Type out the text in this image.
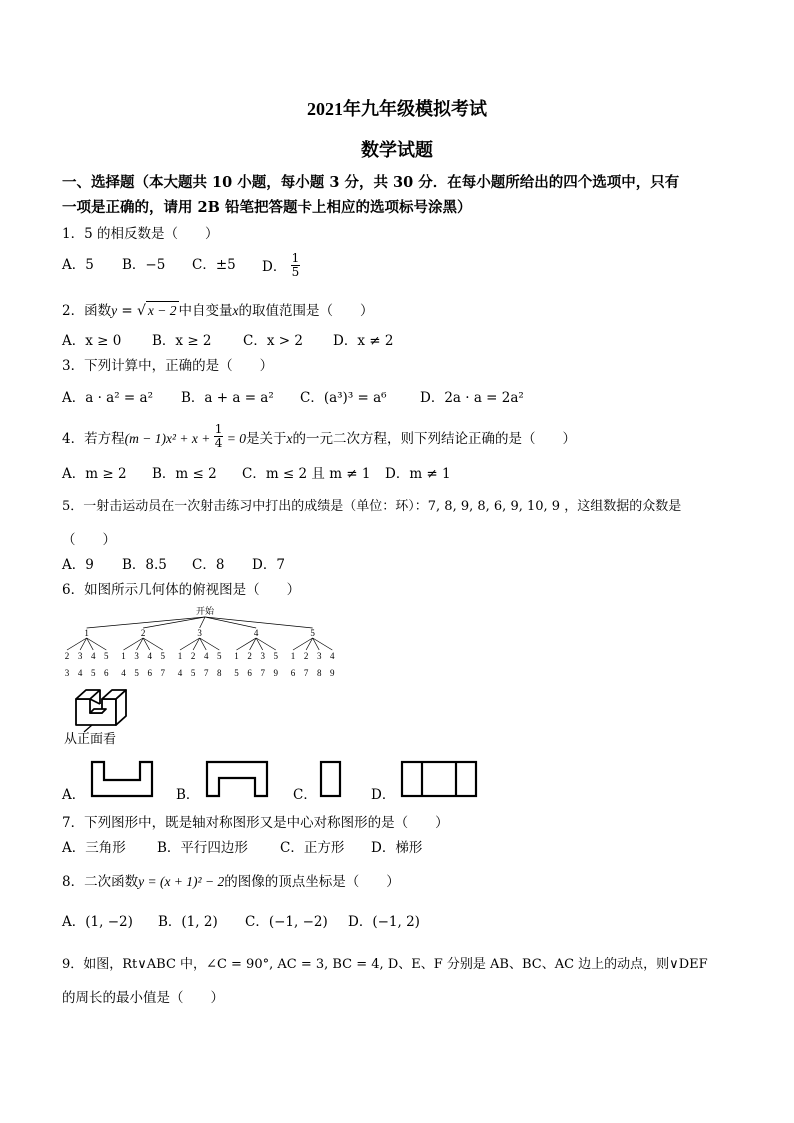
2021年九年级模拟考试
数学试题
一、选择题（本大题共 10 小题，每小题 3 分，共 30 分．在每小题所给出的四个选项中，只有
一项是正确的，请用 2B 铅笔把答题卡上相应的选项标号涂黑）
1．5 的相反数是（　　）
A．5 B．−5 C．±5 D． $\frac{1}{5}$
2．函数y = √ x − 2 中自变量x的取值范围是（　　）
A．x ≥ 0 B．x ≥ 2 C．x > 2 D．x ≠ 2
3．下列计算中，正确的是（　　）
A．a · a² = a² B．a + a = a² C．(a³)³ = a⁶ D．2a · a = 2a²
4．若方程$(m - 1)x^2 + x + \frac{1}{4} = 0$是关于x的一元二次方程，则下列结论正确的是（　　）
A．m ≥ 2 B．m ≤ 2 C．m ≤ 2 且 m ≠ 1 D．m ≠ 1
5．一射击运动员在一次射击练习中打出的成绩是（单位：环）：7, 8, 9, 8, 6, 9, 10, 9 ，这组数据的众数是
（　　）
A．9 B．8.5 C．8 D．7
6．如图所示几何体的俯视图是（　　）
开始
1	2	3	4	5
2 3 4 5 1 3 4 5 1 2 4 5 1 2 3 5 1 2 3 4
3 4 5 6 4 5 6 7 4 5 7 8 5 6 7 9 6 7 8 9
从正面看
A．	B．	C．	D．
7．下列图形中，既是轴对称图形又是中心对称图形的是（　　）
A．三角形 B．平行四边形 C．正方形 D．梯形
8．二次函数y = (x + 1)² − 2的图像的顶点坐标是（　　）
A．(1, −2) B．(1, 2) C．(−1, −2) D．(−1, 2)
9．如图，Rt∨ABC 中，∠C = 90°, AC = 3, BC = 4, D、E、F 分别是 AB、BC、AC 边上的动点，则∨DEF
的周长的最小值是（　　）
